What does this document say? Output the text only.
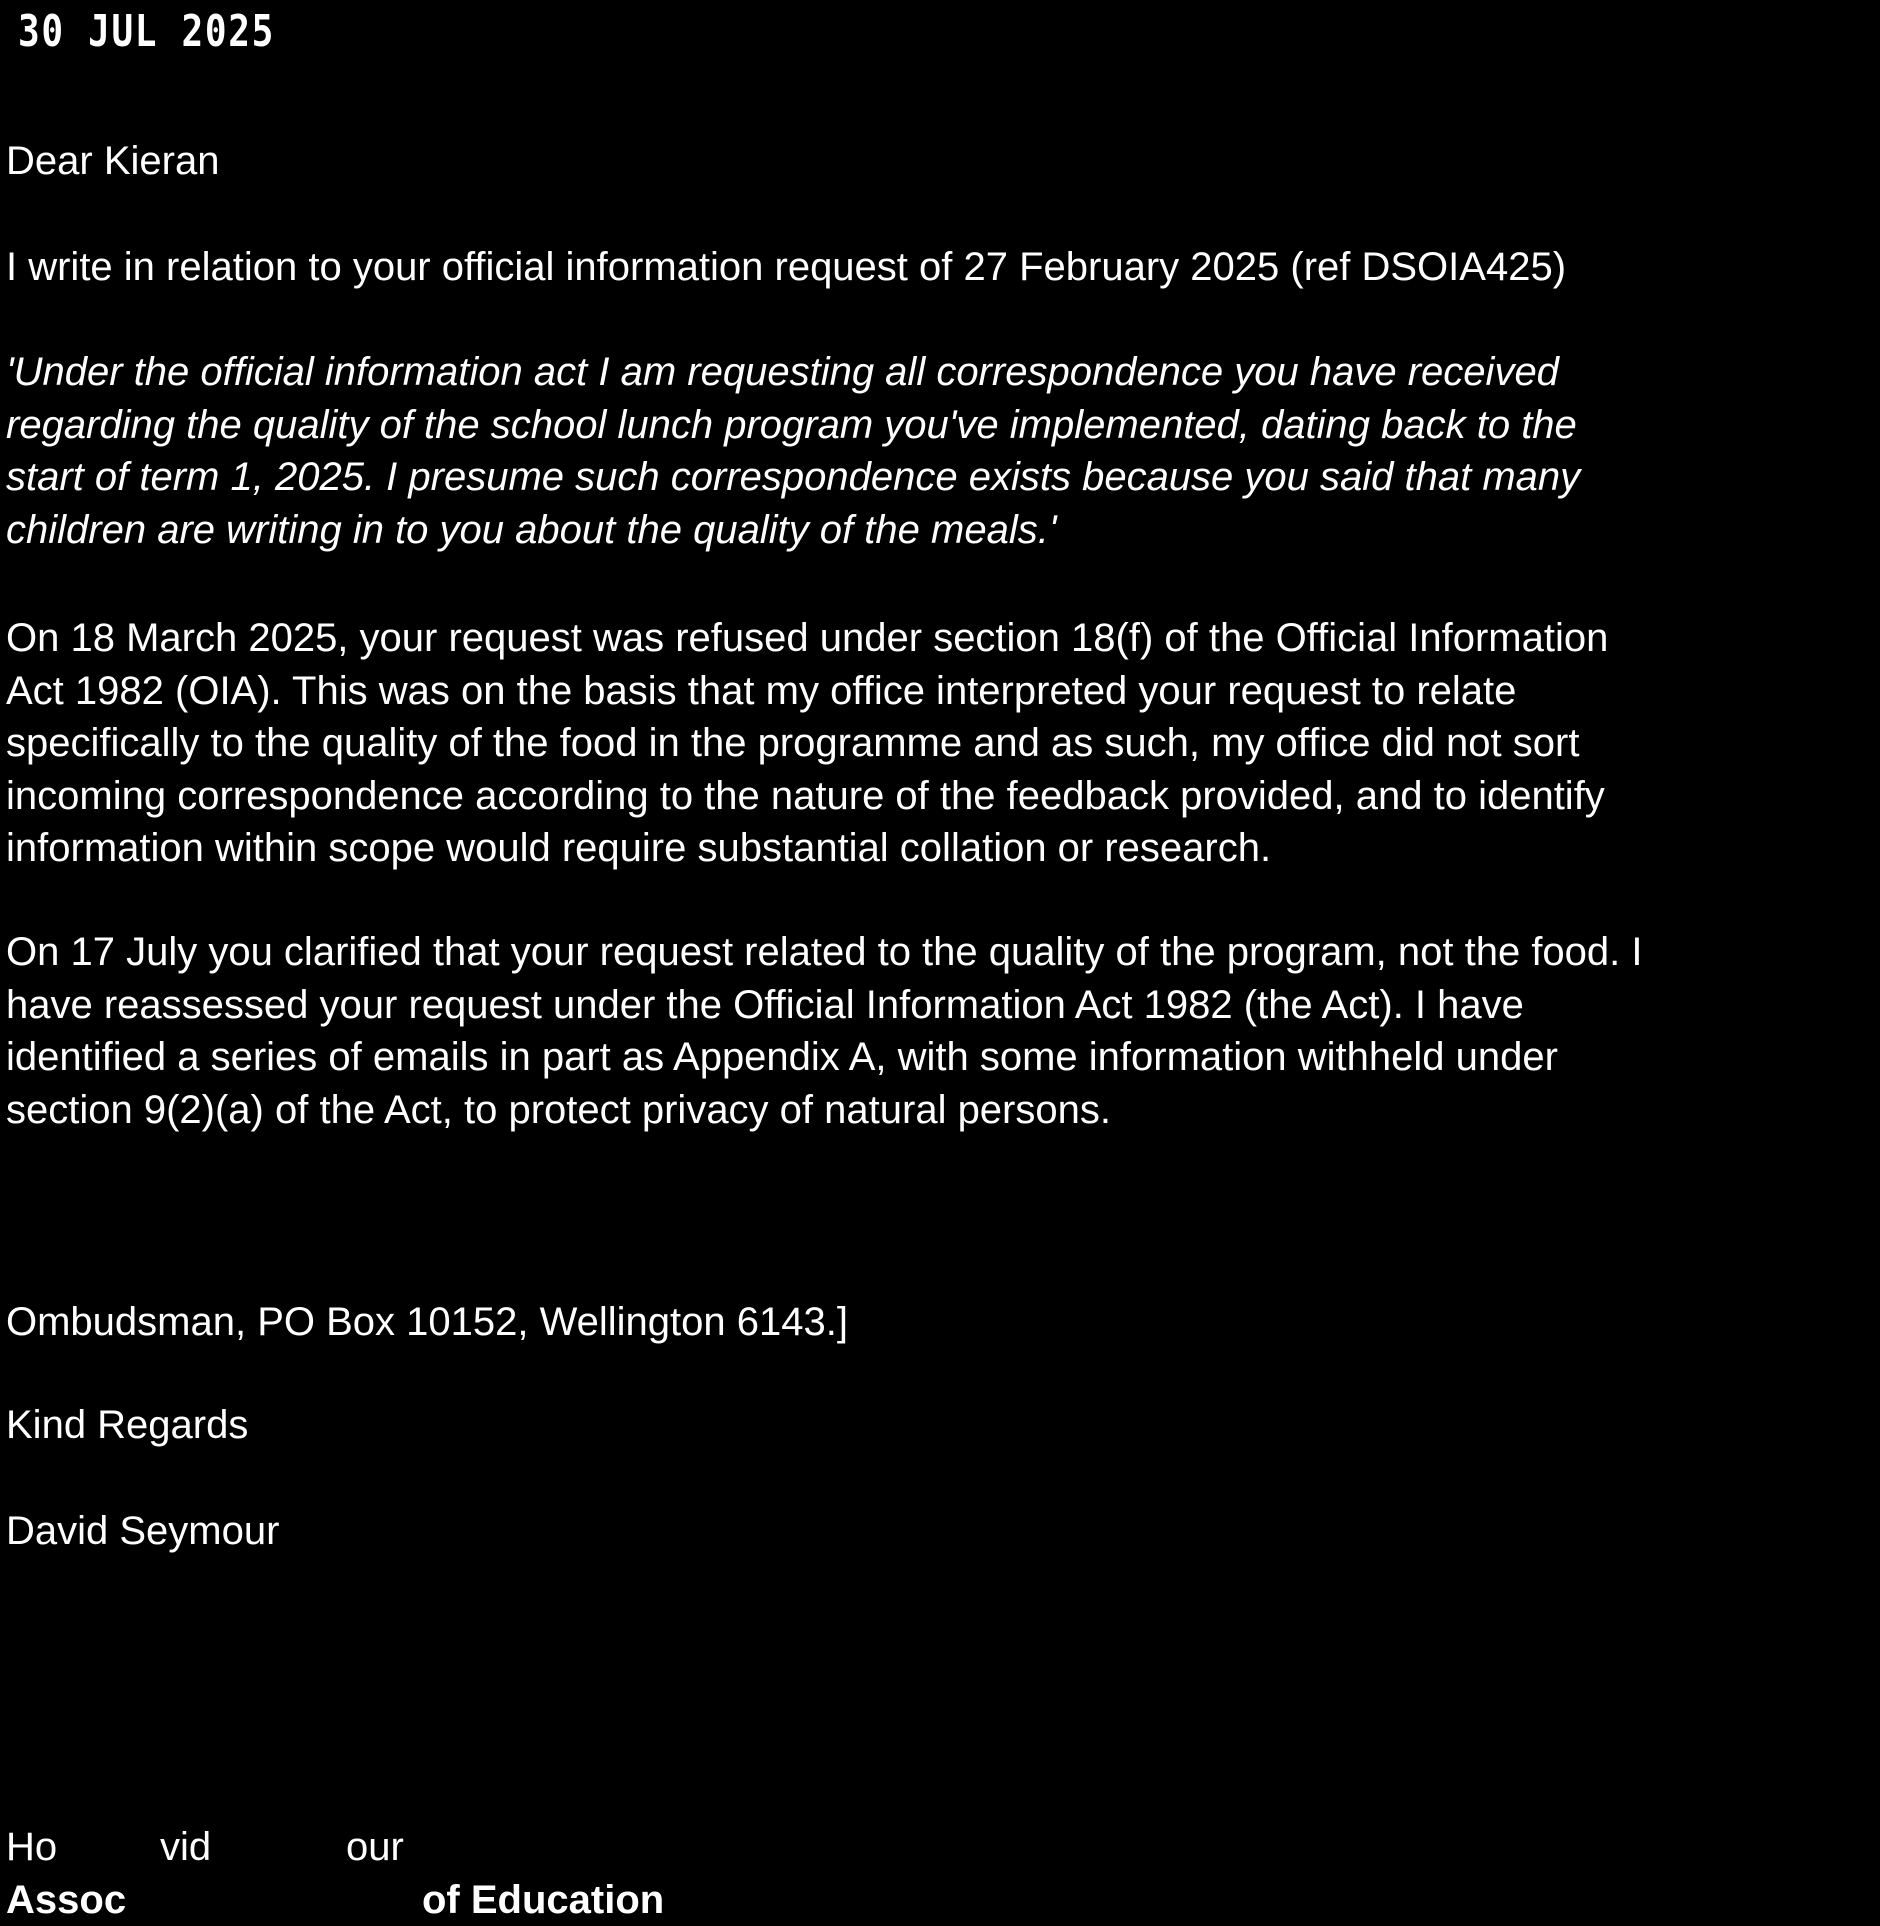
30 JUL 2025
Dear Kieran
I write in relation to your official information request of 27 February 2025 (ref DSOIA425)
'Under the official information act I am requesting all correspondence you have received
regarding the quality of the school lunch program you've implemented, dating back to the
start of term 1, 2025. I presume such correspondence exists because you said that many
children are writing in to you about the quality of the meals.'
On 18 March 2025, your request was refused under section 18(f) of the Official Information
Act 1982 (OIA). This was on the basis that my office interpreted your request to relate
specifically to the quality of the food in the programme and as such, my office did not sort
incoming correspondence according to the nature of the feedback provided, and to identify
information within scope would require substantial collation or research.
On 17 July you clarified that your request related to the quality of the program, not the food. I
have reassessed your request under the Official Information Act 1982 (the Act). I have
identified a series of emails in part as Appendix A, with some information withheld under
section 9(2)(a) of the Act, to protect privacy of natural persons.
Ombudsman, PO Box 10152, Wellington 6143.]
Kind Regards
David Seymour
Ho	vid	our
Assoc	of Education
